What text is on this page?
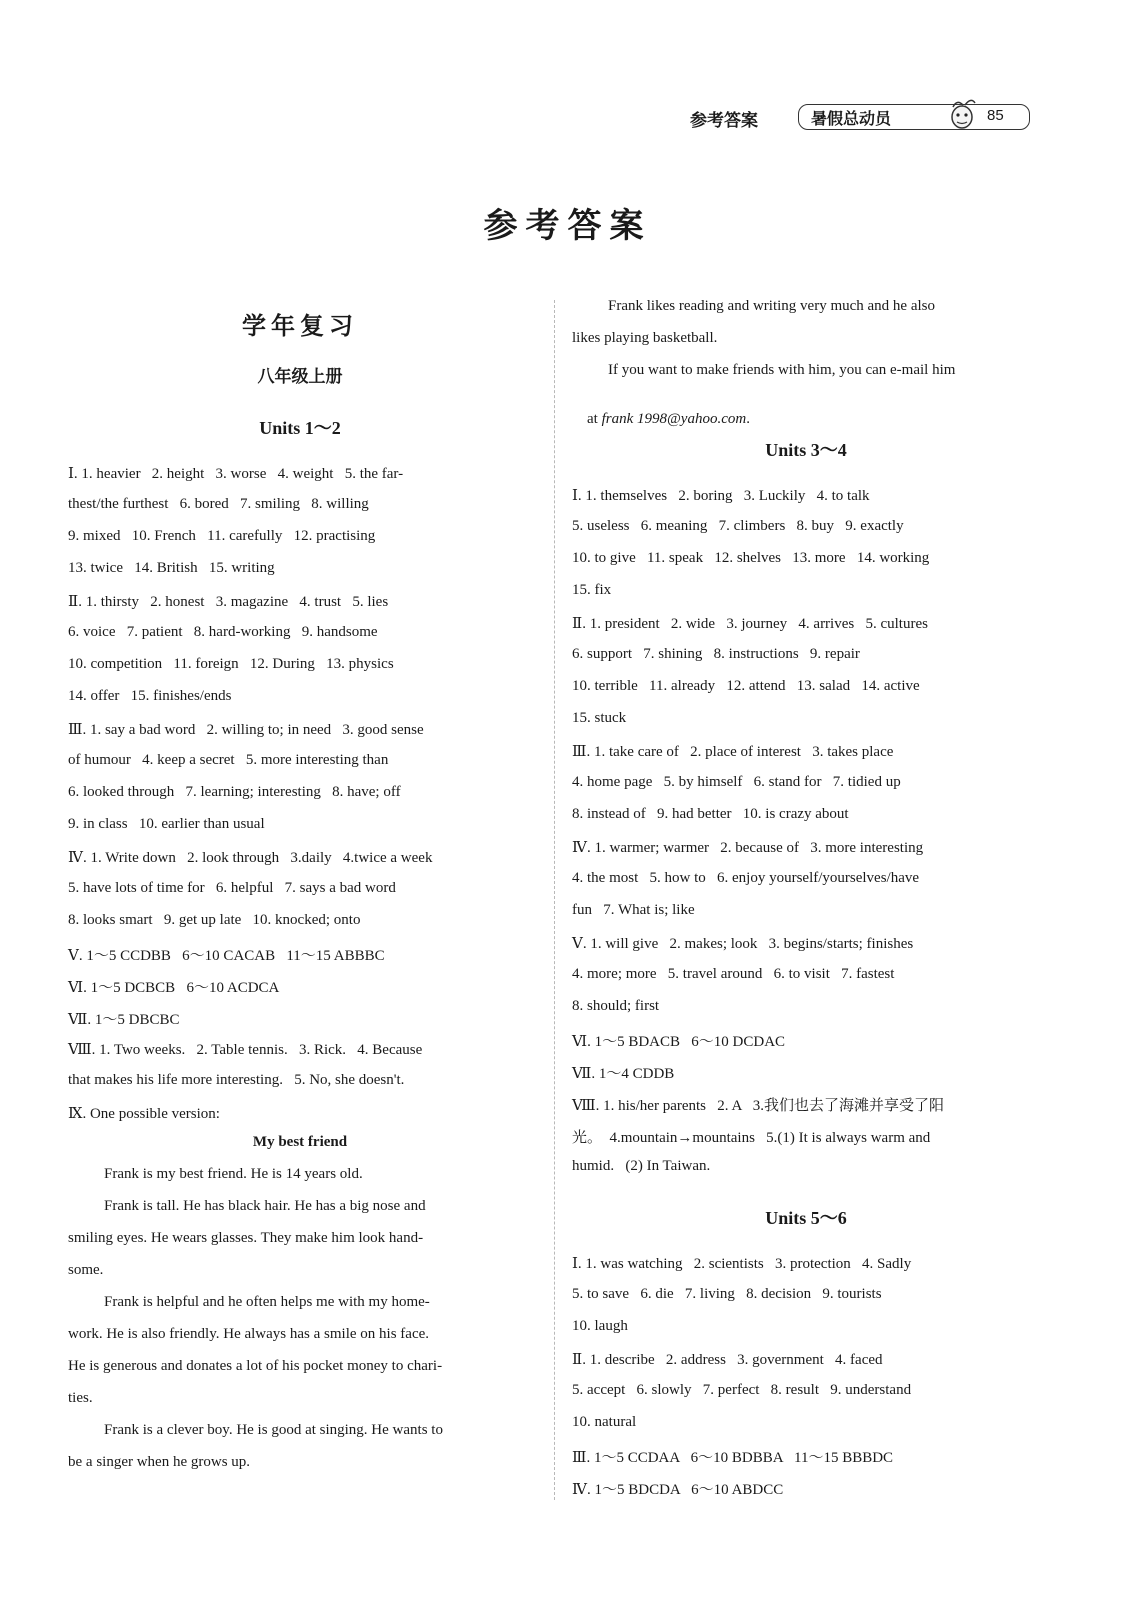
参考答案	暑假总动员	85
参考答案
学年复习
八年级上册
Units 1～2
Ⅰ. 1. heavier   2. height   3. worse   4. weight   5. the far-
thest/the furthest   6. bored   7. smiling   8. willing
9. mixed   10. French   11. carefully   12. practising
13. twice   14. British   15. writing
Ⅱ. 1. thirsty   2. honest   3. magazine   4. trust   5. lies
6. voice   7. patient   8. hard-working   9. handsome
10. competition   11. foreign   12. During   13. physics
14. offer   15. finishes/ends
Ⅲ. 1. say a bad word   2. willing to; in need   3. good sense
of humour   4. keep a secret   5. more interesting than
6. looked through   7. learning; interesting   8. have; off
9. in class   10. earlier than usual
Ⅳ. 1. Write down   2. look through   3.daily   4.twice a week
5. have lots of time for   6. helpful   7. says a bad word
8. looks smart   9. get up late   10. knocked; onto
Ⅴ. 1～5 CCDBB   6～10 CACAB   11～15 ABBBC
Ⅵ. 1～5 DCBCB   6～10 ACDCA
Ⅶ. 1～5 DBCBC
Ⅷ. 1. Two weeks.   2. Table tennis.   3. Rick.   4. Because
that makes his life more interesting.   5. No, she doesn't.
Ⅸ. One possible version:
My best friend
Frank is my best friend. He is 14 years old.
Frank is tall. He has black hair. He has a big nose and
smiling eyes. He wears glasses. They make him look hand-
some.
Frank is helpful and he often helps me with my home-
work. He is also friendly. He always has a smile on his face.
He is generous and donates a lot of his pocket money to chari-
ties.
Frank is a clever boy. He is good at singing. He wants to
be a singer when he grows up.
Frank likes reading and writing very much and he also
likes playing basketball.
If you want to make friends with him, you can e-mail him

at frank 1998@yahoo.com.

Units 3～4
Ⅰ. 1. themselves   2. boring   3. Luckily   4. to talk
5. useless   6. meaning   7. climbers   8. buy   9. exactly
10. to give   11. speak   12. shelves   13. more   14. working
15. fix
Ⅱ. 1. president   2. wide   3. journey   4. arrives   5. cultures
6. support   7. shining   8. instructions   9. repair
10. terrible   11. already   12. attend   13. salad   14. active
15. stuck
Ⅲ. 1. take care of   2. place of interest   3. takes place
4. home page   5. by himself   6. stand for   7. tidied up
8. instead of   9. had better   10. is crazy about
Ⅳ. 1. warmer; warmer   2. because of   3. more interesting
4. the most   5. how to   6. enjoy yourself/yourselves/have
fun   7. What is; like
Ⅴ. 1. will give   2. makes; look   3. begins/starts; finishes
4. more; more   5. travel around   6. to visit   7. fastest
8. should; first
Ⅵ. 1～5 BDACB   6～10 DCDAC
Ⅶ. 1～4 CDDB
Ⅷ. 1. his/her parents   2. A   3.我们也去了海滩并享受了阳
光。  4.mountain→mountains   5.(1) It is always warm and
humid.   (2) In Taiwan.
Units 5～6
Ⅰ. 1. was watching   2. scientists   3. protection   4. Sadly
5. to save   6. die   7. living   8. decision   9. tourists
10. laugh
Ⅱ. 1. describe   2. address   3. government   4. faced
5. accept   6. slowly   7. perfect   8. result   9. understand
10. natural
Ⅲ. 1～5 CCDAA   6～10 BDBBA   11～15 BBBDC
Ⅳ. 1～5 BDCDA   6～10 ABDCC
